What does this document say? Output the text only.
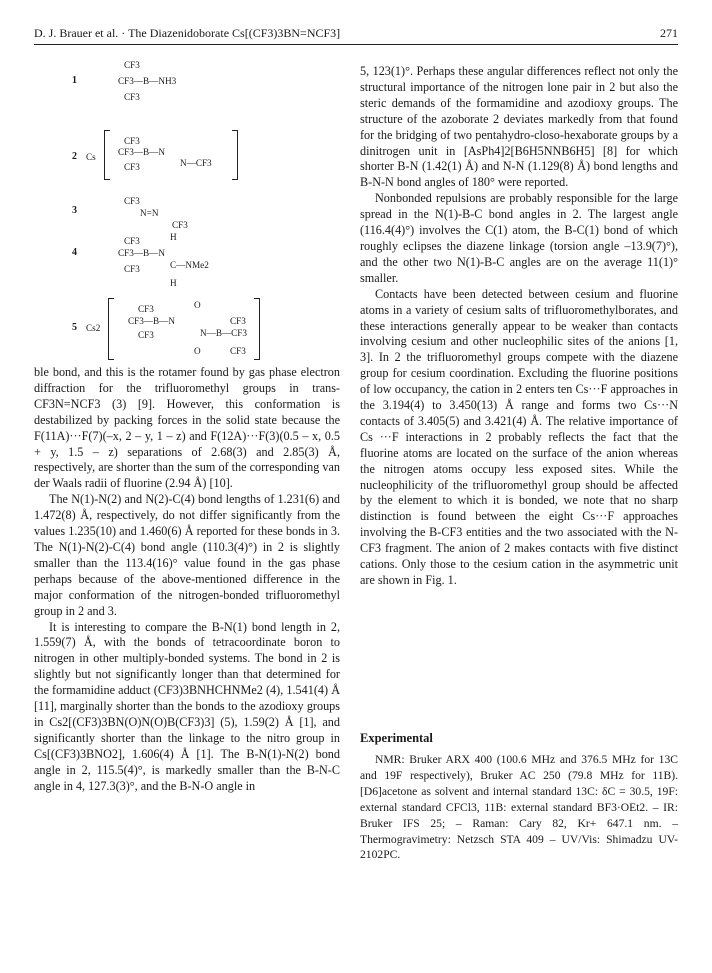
D. J. Brauer et al. · The Diazenidoborate Cs[(CF3)3BN=NCF3]	271
1
CF3
CF3—B—NH3
CF3
2 Cs
CF3
CF3—B—N
CF3	N—CF3
3
CF3
N=N
CF3
4
CF3	H
CF3—B—N
C—NMe2
CF3
H
5 Cs2
CF3	O
CF3—B—N
CF3
CF3
N—B—CF3
O	CF3

ble bond, and this is the rotamer found by gas phase electron diffraction for the trifluoromethyl groups in trans-CF3N=NCF3 (3) [9]. However, this conformation is destabilized by packing forces in the solid state because the F(11A)···F(7)(–x, 2 – y, 1 – z) and F(12A)···F(3)(0.5 – x, 0.5 + y, 1.5 – z) separations of 2.68(3) and 2.85(3) Å, respectively, are shorter than the sum of the corresponding van der Waals radii of fluorine (2.94 Å) [10].

The N(1)-N(2) and N(2)-C(4) bond lengths of 1.231(6) and 1.472(8) Å, respectively, do not differ significantly from the values 1.235(10) and 1.460(6) Å reported for these bonds in 3. The N(1)-N(2)-C(4) bond angle (110.3(4)°) in 2 is slightly smaller than the 113.4(16)° value found in the gas phase perhaps because of the above-mentioned difference in the major conformation of the nitrogen-bonded trifluoromethyl group in 2 and 3.

It is interesting to compare the B-N(1) bond length in 2, 1.559(7) Å, with the bonds of tetracoordinate boron to nitrogen in other multiply-bonded systems. The bond in 2 is slightly but not significantly longer than that determined for the formamidine adduct (CF3)3BNHCHNMe2 (4), 1.541(4) Å [11], marginally shorter than the bonds to the azodioxy groups in Cs2[(CF3)3BN(O)N(O)B(CF3)3] (5), 1.59(2) Å [1], and significantly shorter than the linkage to the nitro group in Cs[(CF3)3BNO2], 1.606(4) Å [1]. The B-N(1)-N(2) bond angle in 2, 115.5(4)°, is markedly smaller than the B-N-C angle in 4, 127.3(3)°, and the B-N-O angle in

5, 123(1)°. Perhaps these angular differences reflect not only the structural importance of the nitrogen lone pair in 2 but also the steric demands of the formamidine and azodioxy groups. The structure of the azoborate 2 deviates markedly from that found for the bridging of two pentahydro-closo-hexaborate groups by a dinitrogen unit in [AsPh4]2[B6H5NNB6H5] [8] for which shorter B-N (1.42(1) Å) and N-N (1.129(8) Å) bond lengths and B-N-N bond angles of 180° were reported.

Nonbonded repulsions are probably responsible for the large spread in the N(1)-B-C bond angles in 2. The largest angle (116.4(4)°) involves the C(1) atom, the B-C(1) bond of which roughly eclipses the diazene linkage (torsion angle –13.9(7)°), and the other two N(1)-B-C angles are on the average 11(1)° smaller.

Contacts have been detected between cesium and fluorine atoms in a variety of cesium salts of trifluoromethylborates, and these interactions generally appear to be weaker than contacts involving cesium and other nucleophilic sites of the anions [1, 3]. In 2 the trifluoromethyl groups compete with the diazene group for cesium coordination. Excluding the fluorine positions of low occupancy, the cation in 2 enters ten Cs···F approaches in the 3.194(4) to 3.450(13) Å range and forms two Cs···N contacts of 3.405(5) and 3.421(4) Å. The relative importance of Cs ···F interactions in 2 probably reflects the fact that the fluorine atoms are located on the surface of the anion whereas the nitrogen atoms occupy less exposed sites. While the nucleophilicity of the trifluoromethyl group should be affected by the element to which it is bonded, we note that no sharp distinction is found between the eight Cs···F approaches involving the B-CF3 entities and the two associated with the N-CF3 fragment. The anion of 2 makes contacts with five distinct cations. Only those to the cesium cation in the asymmetric unit are shown in Fig. 1.

Experimental

NMR: Bruker ARX 400 (100.6 MHz and 376.5 MHz for 13C and 19F respectively), Bruker AC 250 (79.8 MHz for 11B). [D6]acetone as solvent and internal standard 13C: δC = 30.5, 19F: external standard CFCl3, 11B: external standard BF3·OEt2. – IR: Bruker IFS 25; – Raman: Cary 82, Kr+ 647.1 nm. – Thermogravimetry: Netzsch STA 409 – UV/Vis: Shimadzu UV-2102PC.
